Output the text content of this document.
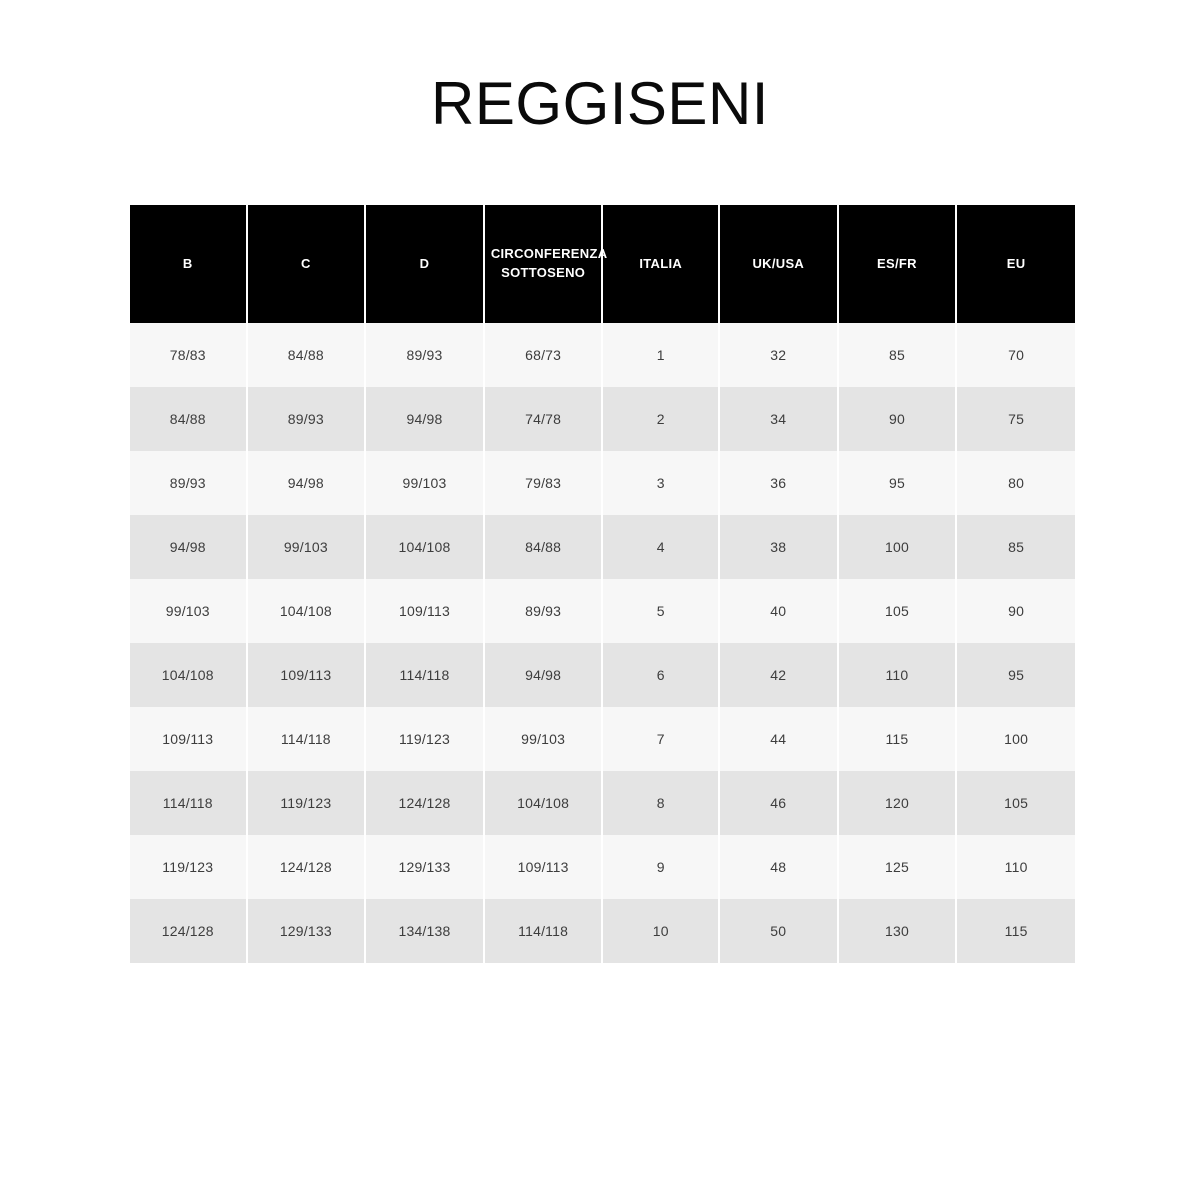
REGGISENI
B	C	D	CIRCONFERENZA SOTTOSENO	ITALIA	UK/USA	ES/FR	EU
78/83	84/88	89/93	68/73	1	32	85	70
84/88	89/93	94/98	74/78	2	34	90	75
89/93	94/98	99/103	79/83	3	36	95	80
94/98	99/103	104/108	84/88	4	38	100	85
99/103	104/108	109/113	89/93	5	40	105	90
104/108	109/113	114/118	94/98	6	42	110	95
109/113	114/118	119/123	99/103	7	44	115	100
114/118	119/123	124/128	104/108	8	46	120	105
119/123	124/128	129/133	109/113	9	48	125	110
124/128	129/133	134/138	114/118	10	50	130	115
